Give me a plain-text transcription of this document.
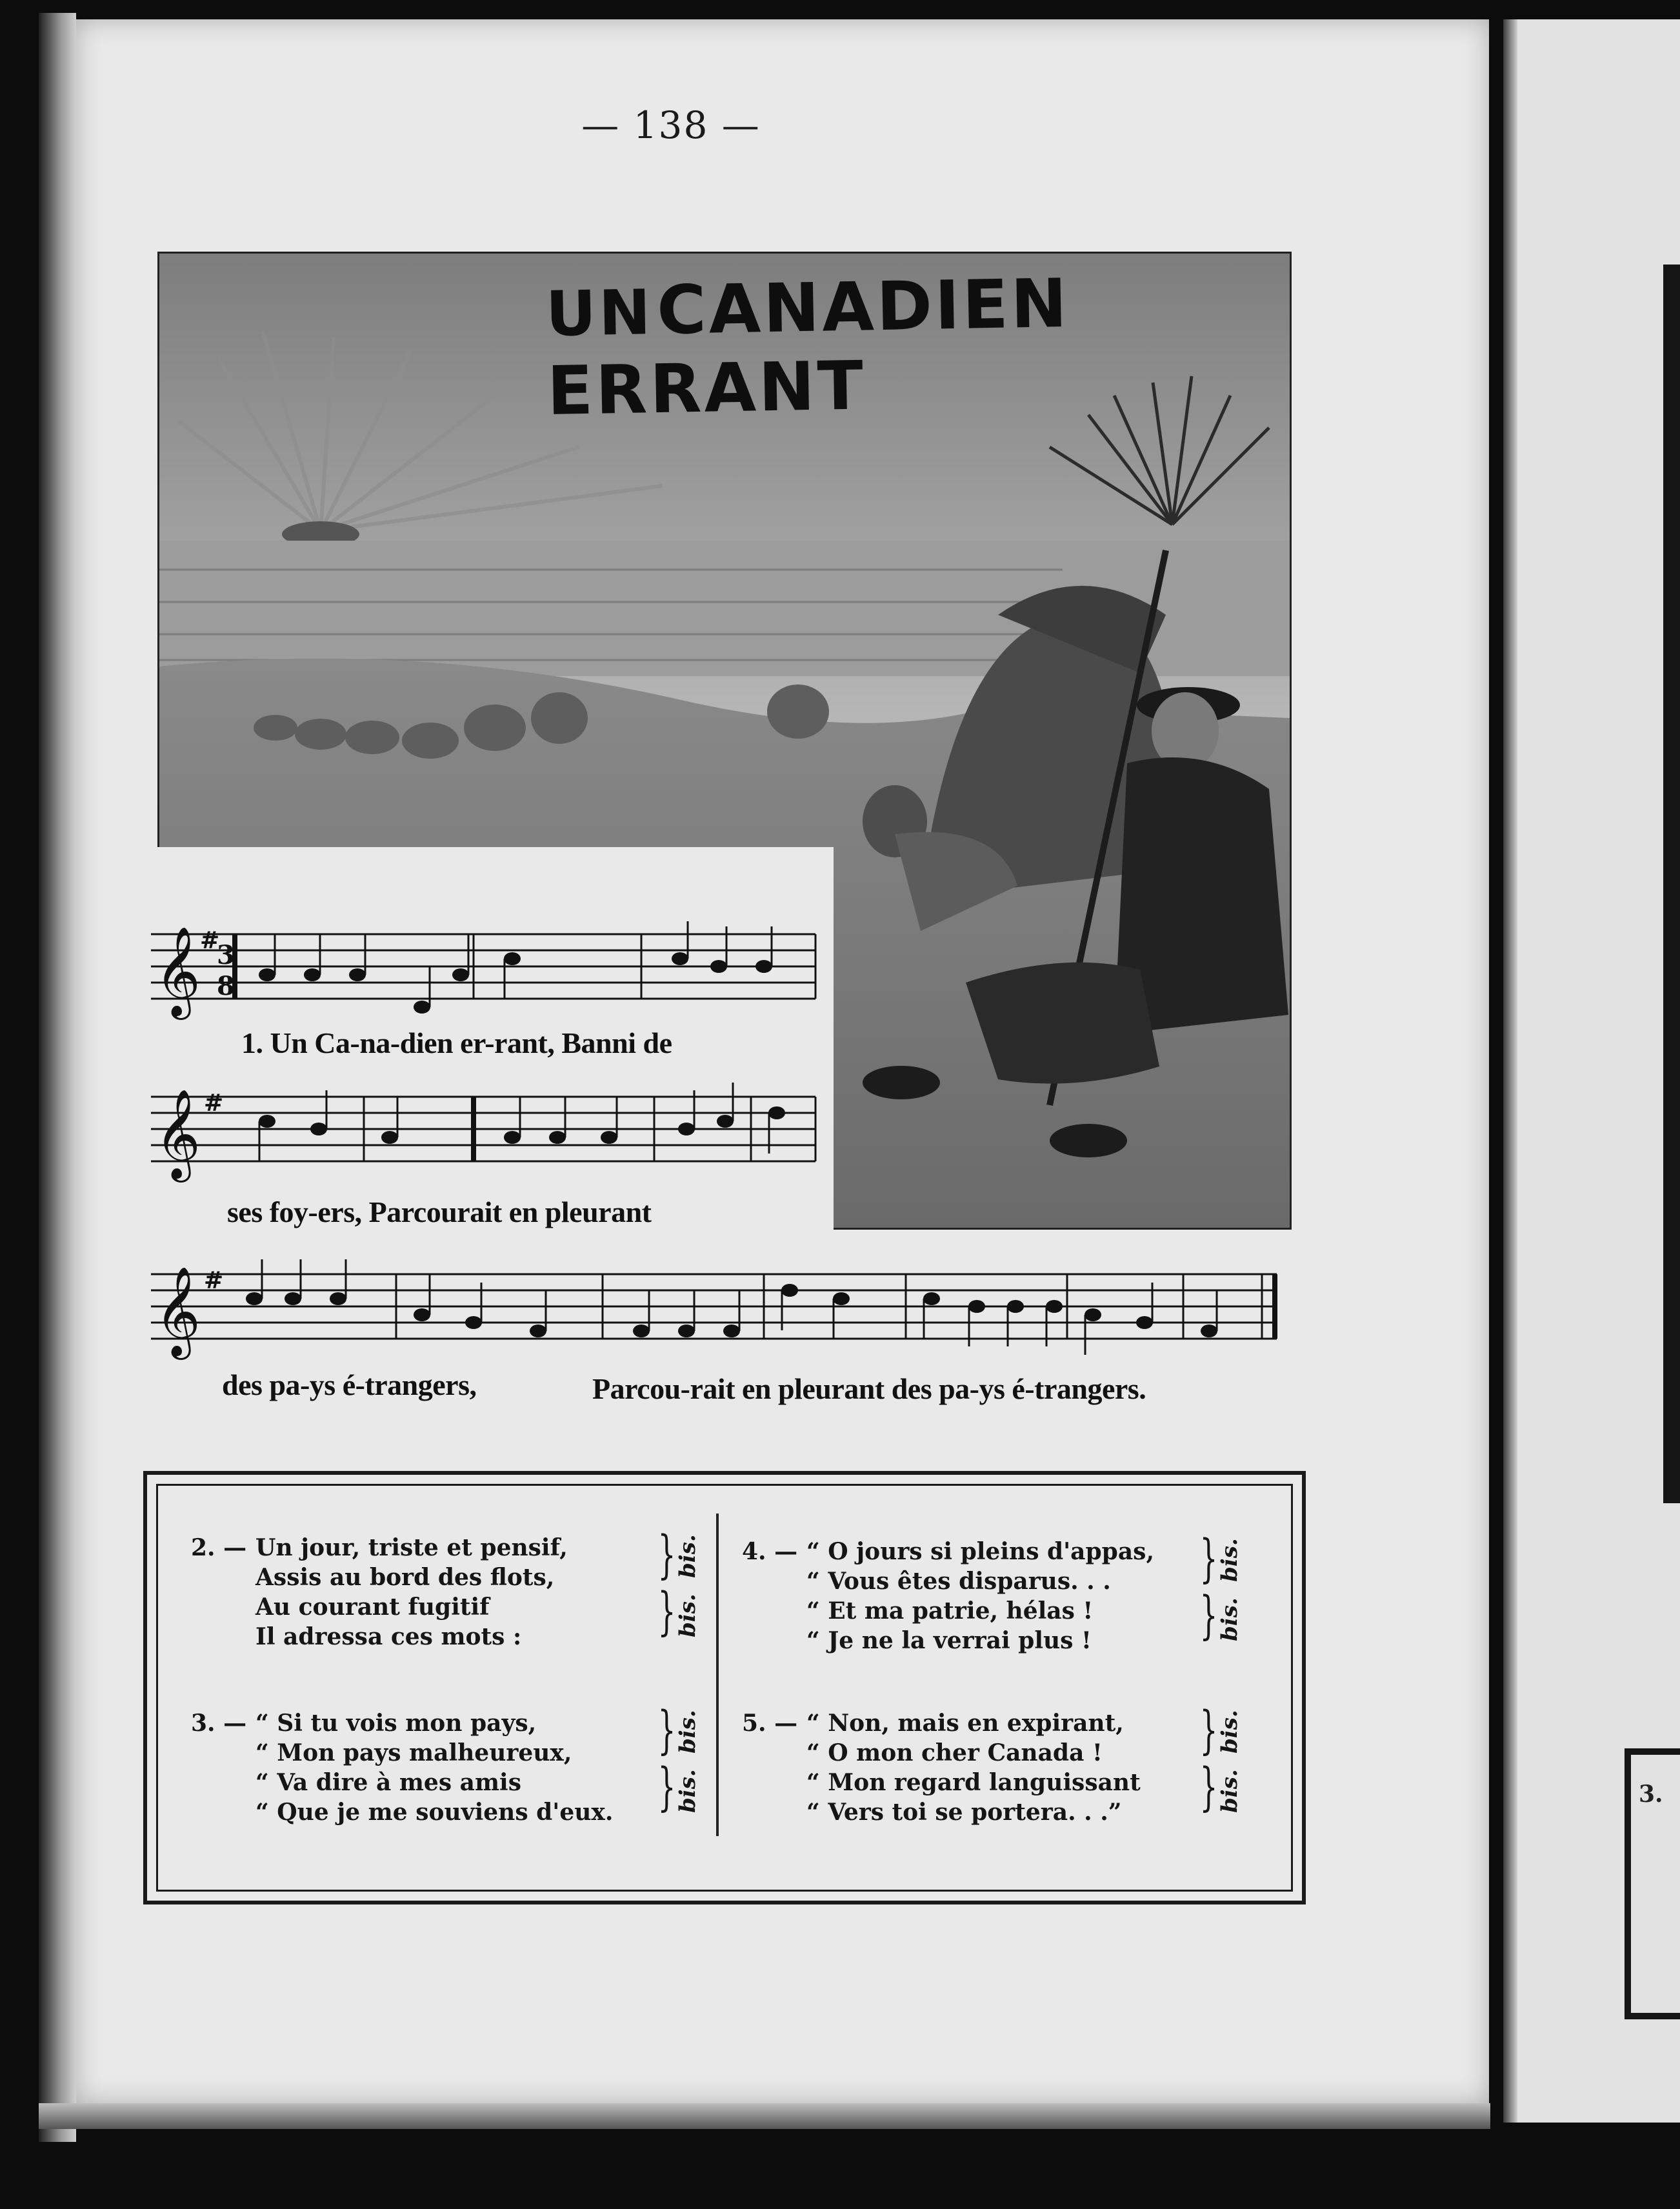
3.
— 138 —
UNCANADIEN ERRANT
𝄞 #
3
8
1. Un Ca-na-dien er-rant, Banni de
𝄞 #
ses foy-ers, Parcourait en pleurant
𝄞 #
des pa-ys é-trangers,	Parcou-rait en pleurant des pa-ys é-trangers.
2. — Un jour, triste et pensif,
Assis au bord des flots,
Au courant fugitif
Il adressa ces mots :
}
}
bis.
bis.
3. — “ Si tu vois mon pays,
“ Mon pays malheureux,
“ Va dire à mes amis
“ Que je me souviens d'eux.
}
}
bis.
bis.
4. — “ O jours si pleins d'appas,
“ Vous êtes disparus. . .
“ Et ma patrie, hélas !
“ Je ne la verrai plus !
}
}
bis.
bis.
5. — “ Non, mais en expirant,
“ O mon cher Canada !
“ Mon regard languissant
“ Vers toi se portera. . .”
}
}
bis.
bis.
